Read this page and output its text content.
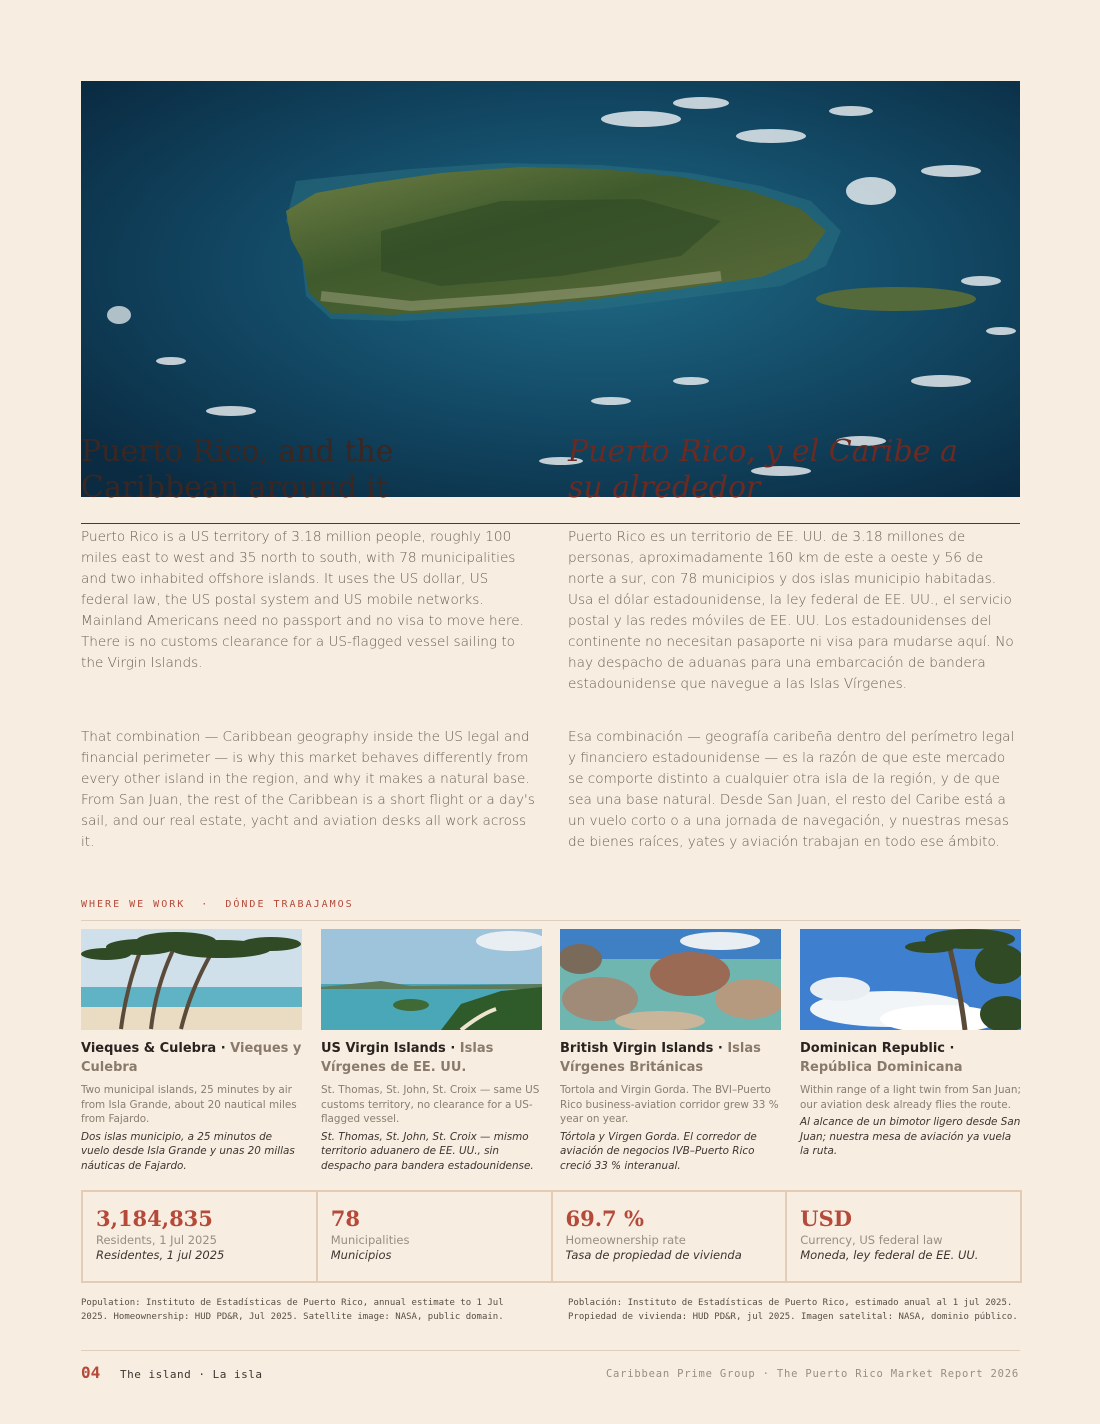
Puerto Rico, and the Caribbean around it
Puerto Rico, y el Caribe a su alrededor

Puerto Rico is a US territory of 3.18 million people, roughly 100 miles east to west and 35 north to south, with 78 municipalities and two inhabited offshore islands. It uses the US dollar, US federal law, the US postal system and US mobile networks. Mainland Americans need no passport and no visa to move here. There is no customs clearance for a US-flagged vessel sailing to the Virgin Islands.

Puerto Rico es un territorio de EE. UU. de 3.18 millones de personas, aproximadamente 160 km de este a oeste y 56 de norte a sur, con 78 municipios y dos islas municipio habitadas. Usa el dólar estadounidense, la ley federal de EE. UU., el servicio postal y las redes móviles de EE. UU. Los estadounidenses del continente no necesitan pasaporte ni visa para mudarse aquí. No hay despacho de aduanas para una embarcación de bandera estadounidense que navegue a las Islas Vírgenes.

That combination — Caribbean geography inside the US legal and financial perimeter — is why this market behaves differently from every other island in the region, and why it makes a natural base. From San Juan, the rest of the Caribbean is a short flight or a day's sail, and our real estate, yacht and aviation desks all work across it.

Esa combinación — geografía caribeña dentro del perímetro legal y financiero estadounidense — es la razón de que este mercado se comporte distinto a cualquier otra isla de la región, y de que sea una base natural. Desde San Juan, el resto del Caribe está a un vuelo corto o a una jornada de navegación, y nuestras mesas de bienes raíces, yates y aviación trabajan en todo ese ámbito.

WHERE WE WORK  ·  DÓNDE TRABAJAMOS
Vieques & Culebra · Vieques y Culebra

Two municipal islands, 25 minutes by air from Isla Grande, about 20 nautical miles from Fajardo.

Dos islas municipio, a 25 minutos de vuelo desde Isla Grande y unas 20 millas náuticas de Fajardo.

US Virgin Islands · Islas Vírgenes de EE. UU.

St. Thomas, St. John, St. Croix — same US customs territory, no clearance for a US-flagged vessel.

St. Thomas, St. John, St. Croix — mismo territorio aduanero de EE. UU., sin despacho para bandera estadounidense.

British Virgin Islands · Islas Vírgenes Británicas

Tortola and Virgin Gorda. The BVI–Puerto Rico business-aviation corridor grew 33 % year on year.

Tórtola y Virgen Gorda. El corredor de aviación de negocios IVB–Puerto Rico creció 33 % interanual.

Dominican Republic · República Dominicana

Within range of a light twin from San Juan; our aviation desk already flies the route.

Al alcance de un bimotor ligero desde San Juan; nuestra mesa de aviación ya vuela la ruta.

3,184,835
Residents, 1 Jul 2025
Residentes, 1 jul 2025
78
Municipalities
Municipios
69.7 %
Homeownership rate
Tasa de propiedad de vivienda
USD
Currency, US federal law
Moneda, ley federal de EE. UU.

Population: Instituto de Estadísticas de Puerto Rico, annual estimate to 1 Jul 2025. Homeownership: HUD PD&R, Jul 2025. Satellite image: NASA, public domain.

Población: Instituto de Estadísticas de Puerto Rico, estimado anual al 1 jul 2025. Propiedad de vivienda: HUD PD&R, jul 2025. Imagen satelital: NASA, dominio público.

04 The island · La isla	Caribbean Prime Group · The Puerto Rico Market Report 2026
